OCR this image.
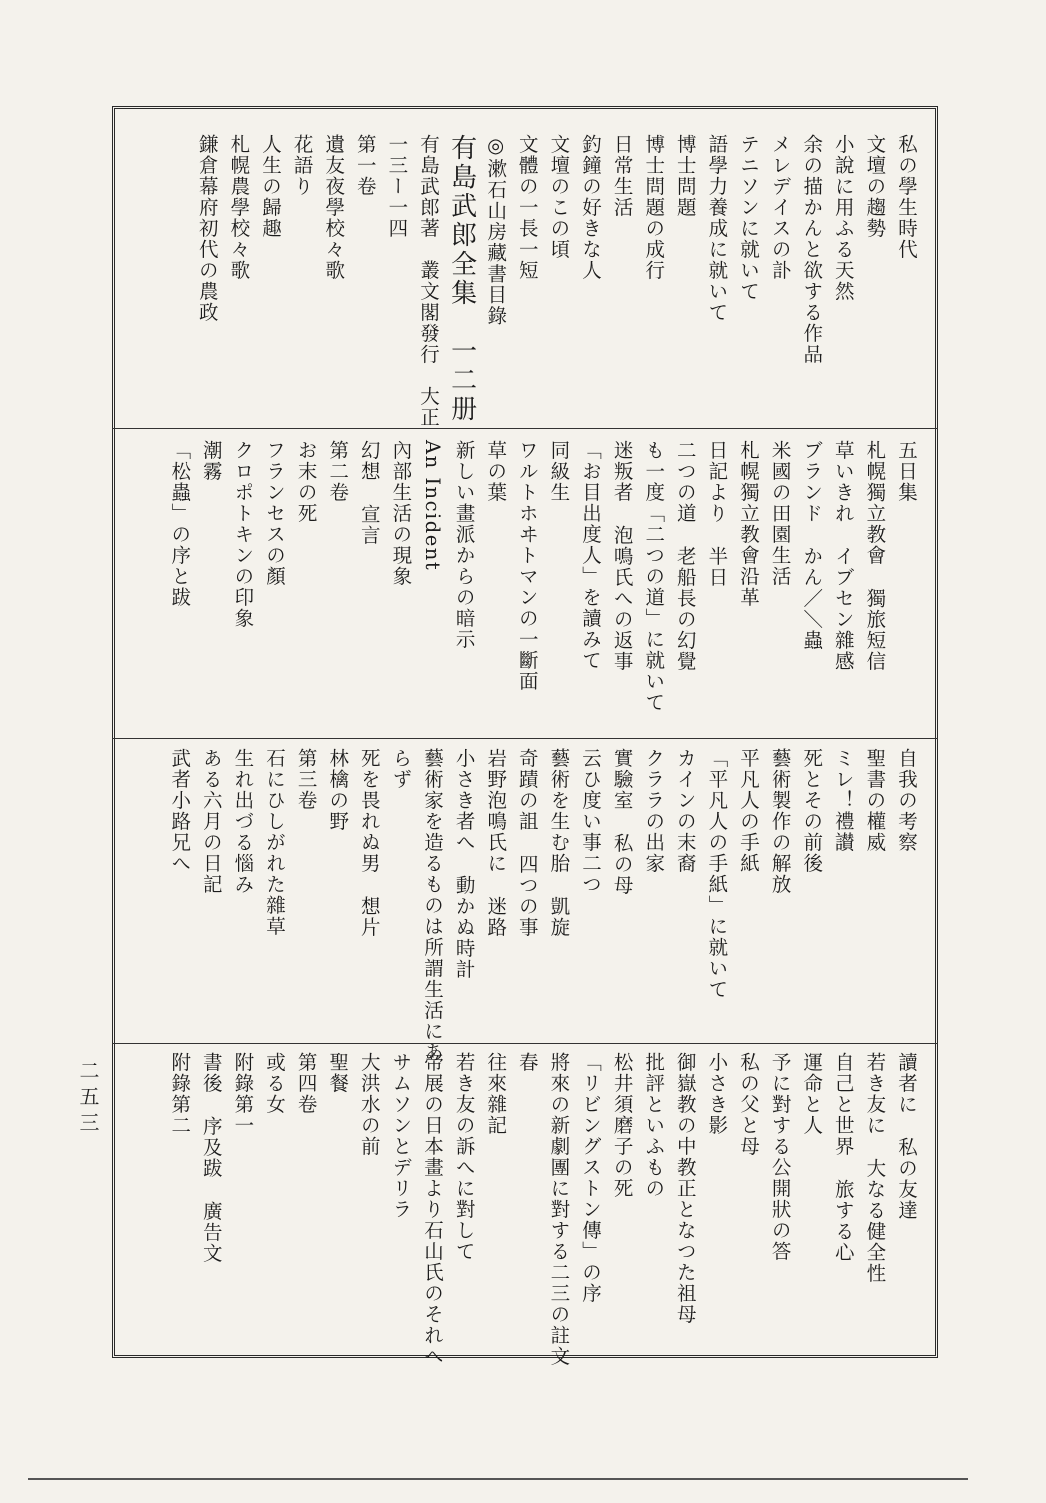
二五三
私の學生時代
文壇の趨勢
小說に用ふる天然
余の描かんと欲する作品
メレデイスの訃
テニソンに就いて
語學力養成に就いて
博士問題
博士問題の成行
日常生活
釣鐘の好きな人
文壇のこの頃
文體の一長一短
◎漱石山房藏書目錄
有島武郎全集　一二册
有島武郎著　叢文閣發行　大正
一三ー一四
第一卷
遺友夜學校々歌
花語り
人生の歸趣
札幌農學校々歌
鎌倉幕府初代の農政
五日集
札幌獨立教會獨旅短信
草いきれイブセン雜感
ブランドかん／＼蟲
米國の田園生活
札幌獨立教會沿革
日記より半日
二つの道老船長の幻覺
も一度「二つの道」に就いて
迷叛者泡鳴氏への返事
「お目出度人」を讀みて
同級生
ワルトホヰトマンの一斷面
草の葉
新しい畫派からの暗示
An Incident
內部生活の現象
幻想宣言
第二卷
お末の死
フランセスの顏
クロポトキンの印象
潮霧
「松蟲」の序と跋
自我の考察
聖書の權威
ミレ！禮讃
死とその前後
藝術製作の解放
平凡人の手紙
「平凡人の手紙」に就いて
カインの末裔
クララの出家
實驗室私の母
云ひ度い事二つ
藝術を生む胎凱旋
奇蹟の詛四つの事
岩野泡鳴氏に迷路
小さき者へ動かぬ時計
藝術家を造るものは所謂生活にあ
らず
死を畏れぬ男想片
林檎の野
第三卷
石にひしがれた雜草
生れ出づる惱み
ある六月の日記
武者小路兄へ
讀者に私の友達
若き友に大なる健全性
自己と世界旅する心
運命と人
予に對する公開狀の答
私の父と母
小さき影
御嶽教の中教正となつた祖母
批評といふもの
松井須磨子の死
「リビングストン傳」の序
將來の新劇團に對する二三の註文
春
往來雜記
若き友の訴へに對して
帝展の日本畫より石山氏のそれへ
サムソンとデリラ
大洪水の前
聖餐
第四卷
或る女
附錄第一
書後序及跋廣告文
附錄第二
